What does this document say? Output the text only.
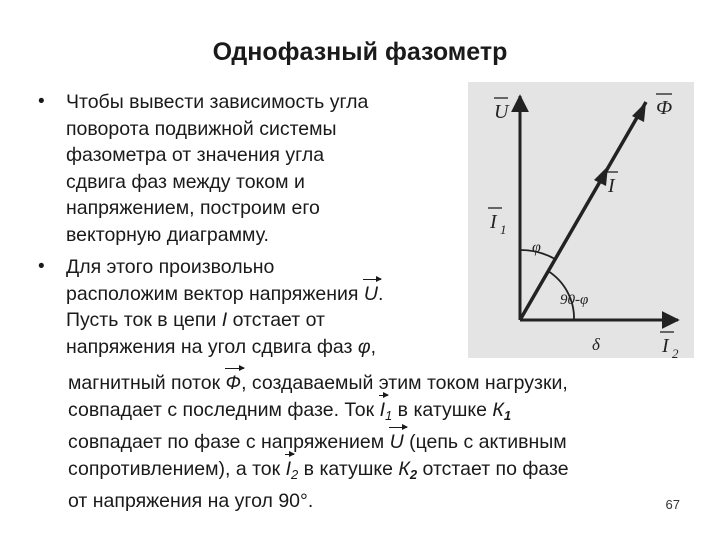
Однофазный фазометр
• Чтобы вывести зависимость угла
поворота подвижной системы
фазометра от значения угла
сдвига фаз между током и
напряжением, построим его
векторную диаграмму.
• Для этого произвольно
расположим вектор напряжения U.
Пусть ток в цепи I отстает от
напряжения на угол сдвига фаз φ,
магнитный поток Ф, создаваемый этим током нагрузки,
совпадает с последним фазе. Ток $I_1$ в катушке $К_1$
совпадает по фазе с напряжением U (цепь с активным
сопротивлением), а ток $I_2$ в катушке $К_2$ отстает по фазе
от напряжения на угол 90°.	67
U	Ф
I
I 1
φ
90-φ
δ	I 2
